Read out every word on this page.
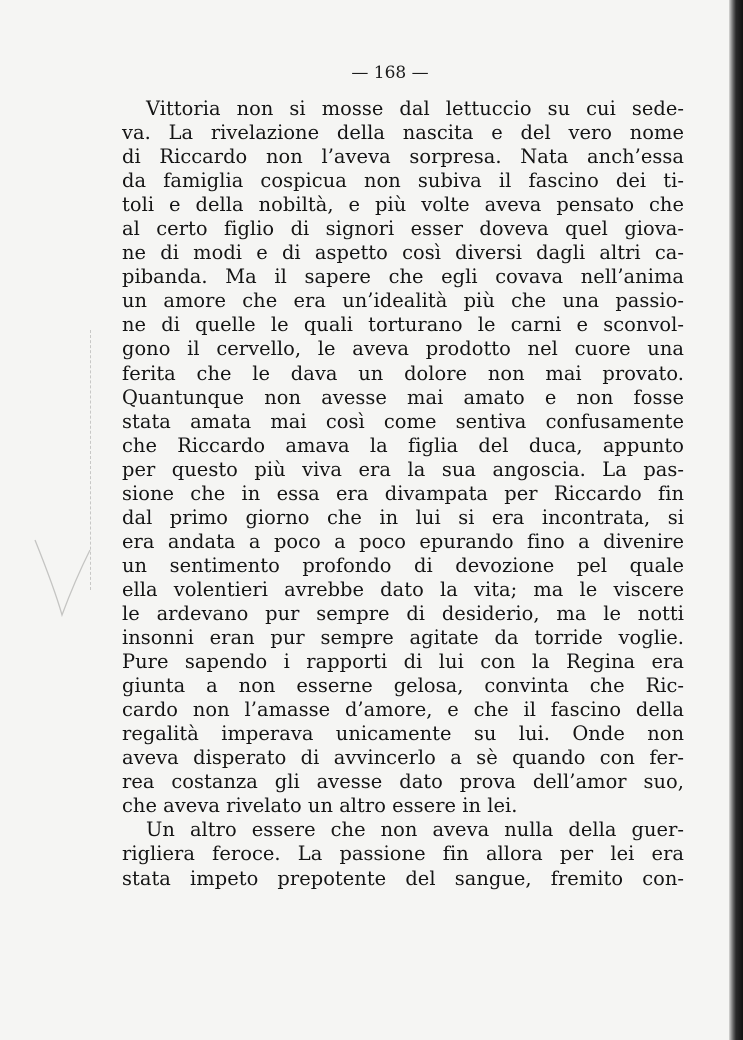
— 168 —
Vittoria non si mosse dal lettuccio su cui sede-
va. La rivelazione della nascita e del vero nome
di Riccardo non l’aveva sorpresa. Nata anch’essa
da famiglia cospicua non subiva il fascino dei ti-
toli e della nobiltà, e più volte aveva pensato che
al certo figlio di signori esser doveva quel giova-
ne di modi e di aspetto così diversi dagli altri ca-
pibanda. Ma il sapere che egli covava nell’anima
un amore che era un’idealità più che una passio-
ne di quelle le quali torturano le carni e sconvol-
gono il cervello, le aveva prodotto nel cuore una
ferita che le dava un dolore non mai provato.
Quantunque non avesse mai amato e non fosse
stata amata mai così come sentiva confusamente
che Riccardo amava la figlia del duca, appunto
per questo più viva era la sua angoscia. La pas-
sione che in essa era divampata per Riccardo fin
dal primo giorno che in lui si era incontrata, si
era andata a poco a poco epurando fino a divenire
un sentimento profondo di devozione pel quale
ella volentieri avrebbe dato la vita; ma le viscere
le ardevano pur sempre di desiderio, ma le notti
insonni eran pur sempre agitate da torride voglie.
Pure sapendo i rapporti di lui con la Regina era
giunta a non esserne gelosa, convinta che Ric-
cardo non l’amasse d’amore, e che il fascino della
regalità imperava unicamente su lui. Onde non
aveva disperato di avvincerlo a sè quando con fer-
rea costanza gli avesse dato prova dell’amor suo,
che aveva rivelato un altro essere in lei.
Un altro essere che non aveva nulla della guer-
rigliera feroce. La passione fin allora per lei era
stata impeto prepotente del sangue, fremito con-
